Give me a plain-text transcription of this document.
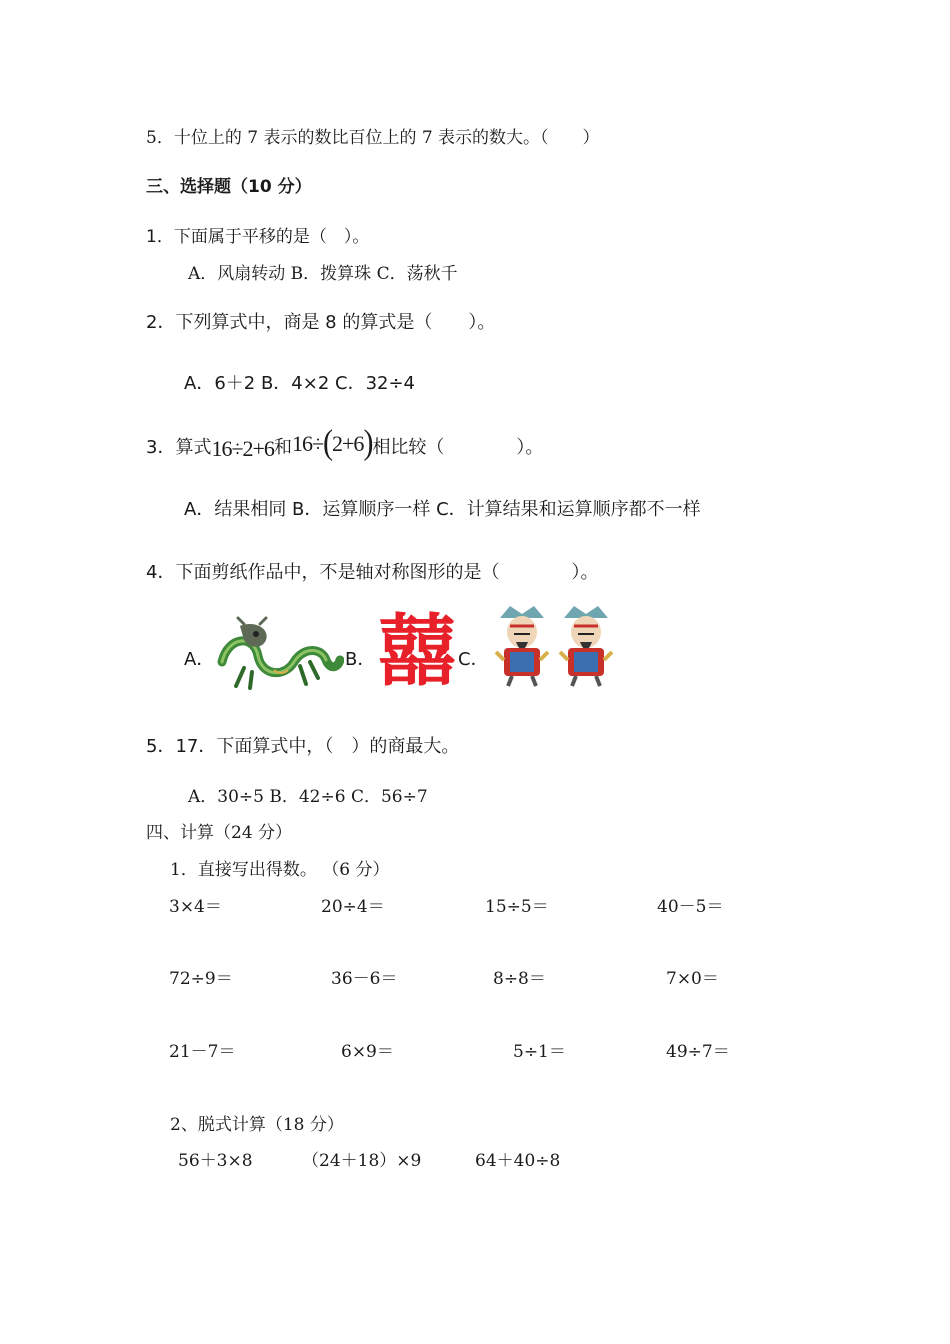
5．十位上的 7 表示的数比百位上的 7 表示的数大。（　　）
三、选择题（10 分）
1．下面属于平移的是（　）。
A．风扇转动 B．拨算珠 C．荡秋千
2．下列算式中，商是 8 的算式是（　　）。
A．6＋2 B．4×2 C．32÷4
3．算式16÷2+6和16÷(2+6)相比较（　　　　）。
A．结果相同 B．运算顺序一样 C．计算结果和运算顺序都不一样
4．下面剪纸作品中，不是轴对称图形的是（　　　　）。
A．	B． 囍 C．
5．17．下面算式中，（　）的商最大。
A．30÷5 B．42÷6 C．56÷7
四、计算（24 分）
1．直接写出得数。 （6 分）
3×4＝	20÷4＝	15÷5＝	40－5＝
72÷9＝	36－6＝	8÷8＝	7×0＝
21－7＝	6×9＝	5÷1＝	49÷7＝
2、脱式计算（18 分）
56＋3×8	（24＋18）×9	64＋40÷8
